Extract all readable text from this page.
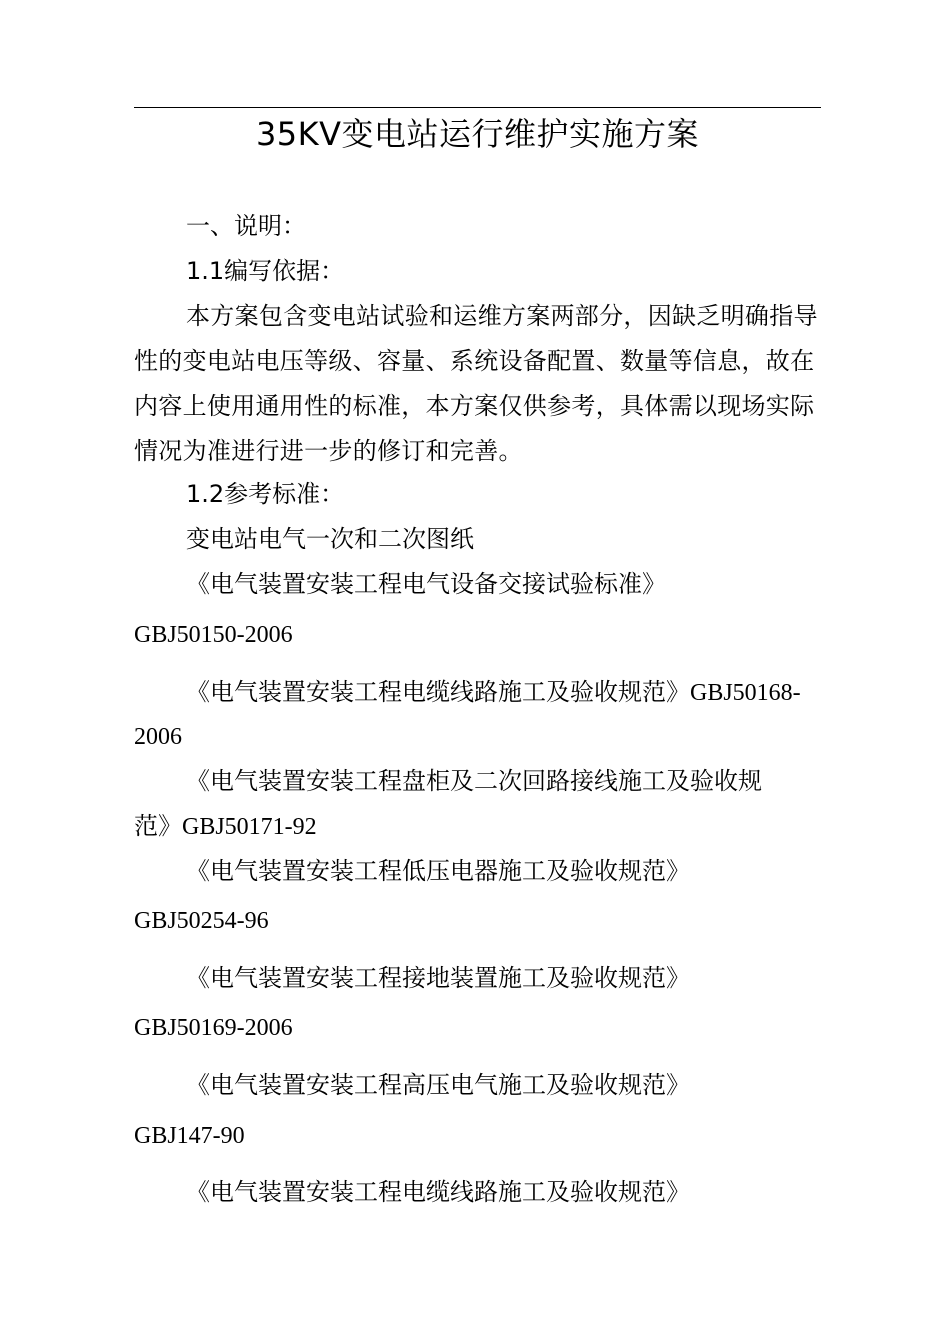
35KV变电站运行维护实施方案
一、说明：
1.1编写依据：

本方案包含变电站试验和运维方案两部分，因缺乏明确指导性的变电站电压等级、容量、系统设备配置、数量等信息，故在内容上使用通用性的标准，本方案仅供参考，具体需以现场实际情况为准进行进一步的修订和完善。

1.2参考标准：
变电站电气一次和二次图纸
《电气装置安装工程电气设备交接试验标准》
GBJ50150-2006
《电气装置安装工程电缆线路施工及验收规范》GBJ50168-
2006
《电气装置安装工程盘柜及二次回路接线施工及验收规
范》GBJ50171-92
《电气装置安装工程低压电器施工及验收规范》
GBJ50254-96
《电气装置安装工程接地装置施工及验收规范》
GBJ50169-2006
《电气装置安装工程高压电气施工及验收规范》
GBJ147-90
《电气装置安装工程电缆线路施工及验收规范》
